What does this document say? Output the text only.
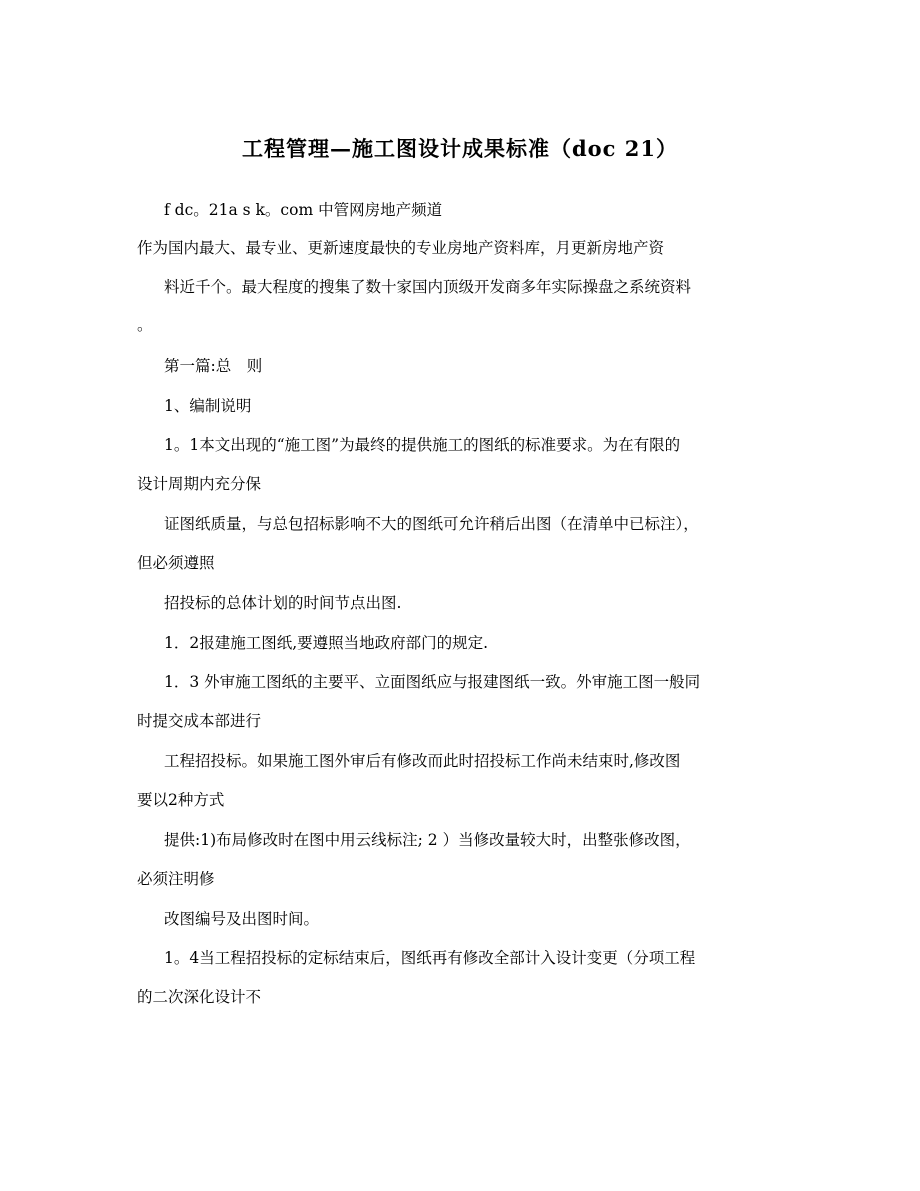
工程管理—施工图设计成果标准（doc 21）
f dc。21a s k。com 中管网房地产频道
作为国内最大、最专业、更新速度最快的专业房地产资料库，月更新房地产资
料近千个。最大程度的搜集了数十家国内顶级开发商多年实际操盘之系统资料
。
第一篇:总　则
1、编制说明
1。1本文出现的“施工图”为最终的提供施工的图纸的标准要求。为在有限的
设计周期内充分保
证图纸质量，与总包招标影响不大的图纸可允许稍后出图（在清单中已标注），
但必须遵照
招投标的总体计划的时间节点出图.
1．2报建施工图纸,要遵照当地政府部门的规定.
1．3 外审施工图纸的主要平、立面图纸应与报建图纸一致。外审施工图一般同
时提交成本部进行
工程招投标。如果施工图外审后有修改而此时招投标工作尚未结束时,修改图
要以2种方式
提供:1)布局修改时在图中用云线标注; 2 ）当修改量较大时，出整张修改图，
必须注明修
改图编号及出图时间。
1。4当工程招投标的定标结束后，图纸再有修改全部计入设计变更（分项工程
的二次深化设计不
